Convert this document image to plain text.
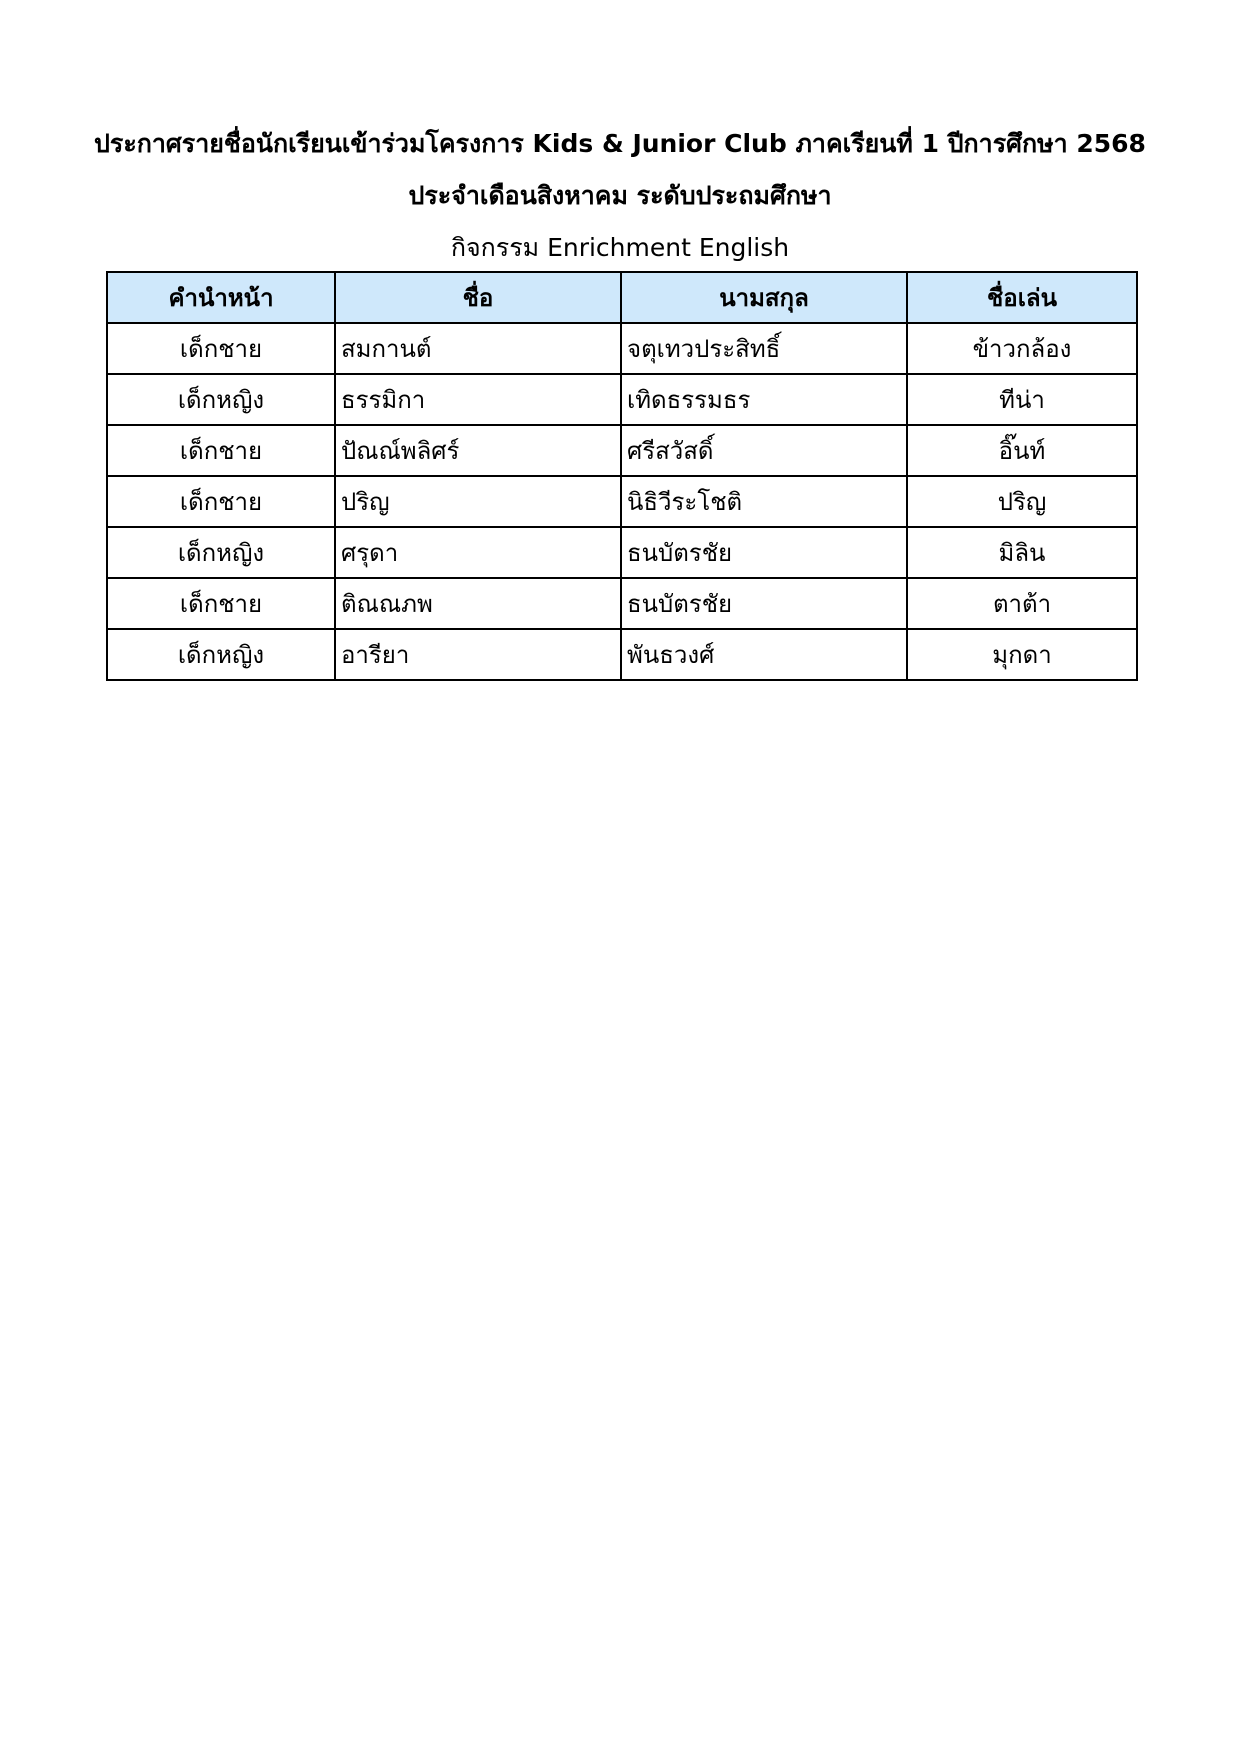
ประกาศรายชื่อนักเรียนเข้าร่วมโครงการ Kids & Junior Club ภาคเรียนที่ 1 ปีการศึกษา 2568
ประจำเดือนสิงหาคม ระดับประถมศึกษา
กิจกรรม Enrichment English
คำนำหน้า	ชื่อ	นามสกุล	ชื่อเล่น
เด็กชาย	สมกานต์	จตุเทวประสิทธิ์	ข้าวกล้อง
เด็กหญิง	ธรรมิกา	เทิดธรรมธร	ทีน่า
เด็กชาย	ปัณณ์พลิศร์	ศรีสวัสดิ์	อิ๊นท์
เด็กชาย	ปริญ	นิธิวีระโชติ	ปริญ
เด็กหญิง	ศรุดา	ธนบัตรชัย	มิลิน
เด็กชาย	ติณณภพ	ธนบัตรชัย	ตาต้า
เด็กหญิง	อารียา	พันธวงศ์	มุกดา
